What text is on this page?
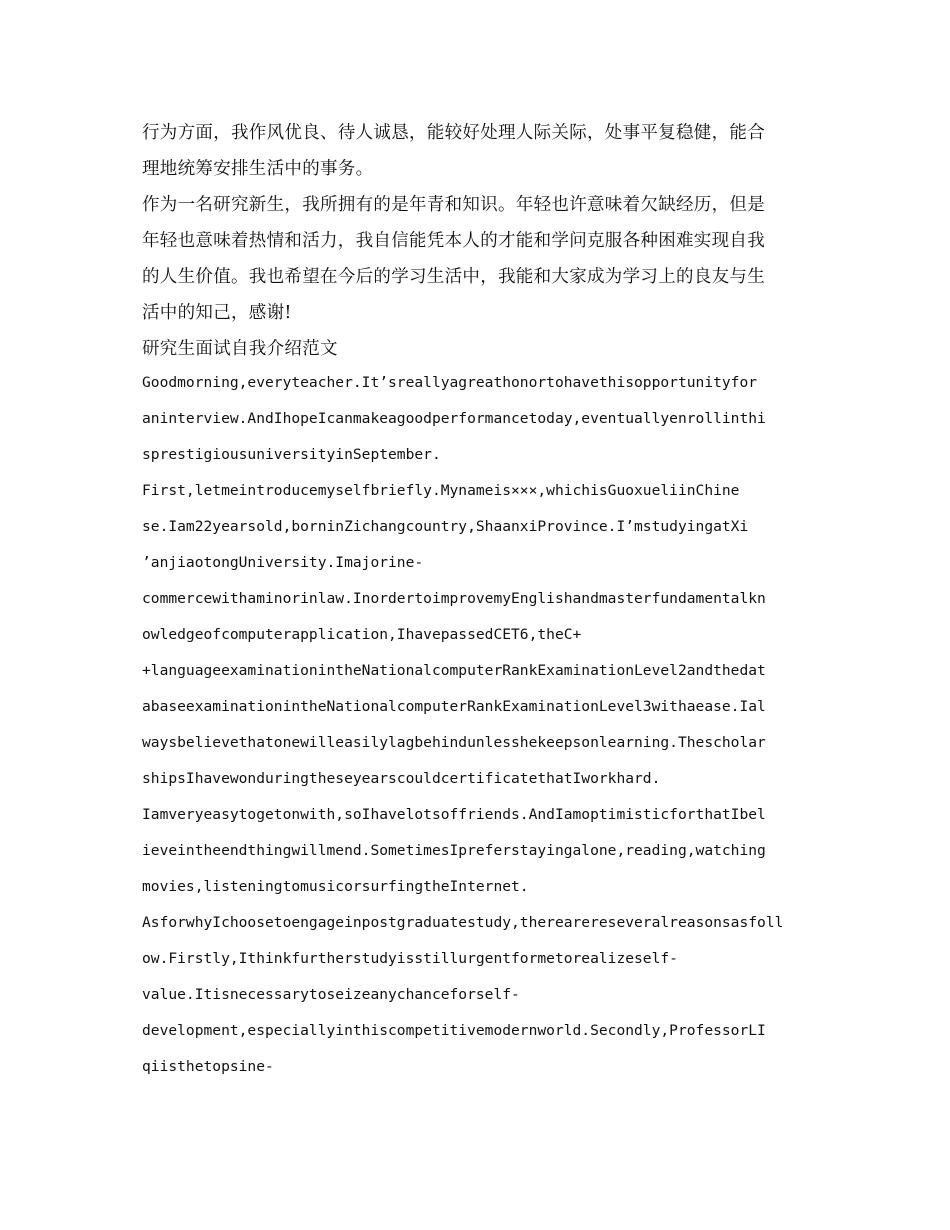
行为方面，我作风优良、待人诚恳，能较好处理人际关际，处事平复稳健，能合
理地统筹安排生活中的事务。
作为一名研究新生，我所拥有的是年青和知识。年轻也许意味着欠缺经历，但是
年轻也意味着热情和活力，我自信能凭本人的才能和学问克服各种困难实现自我
的人生价值。我也希望在今后的学习生活中，我能和大家成为学习上的良友与生
活中的知己，感谢!
研究生面试自我介绍范文
Goodmorning,everyteacher.It’sreallyagreathonortohavethisopportunityfor
aninterview.AndIhopeIcanmakeagoodperformancetoday,eventuallyenrollinthi
sprestigiousuniversityinSeptember.
First,letmeintroducemyselfbriefly.Mynameis×××,whichisGuoxueliinChine
se.Iam22yearsold,borninZichangcountry,ShaanxiProvince.I’mstudyingatXi
’anjiaotongUniversity.Imajorine-
commercewithaminorinlaw.InordertoimprovemyEnglishandmasterfundamentalkn
owledgeofcomputerapplication,IhavepassedCET6,theC+
+languageexaminationintheNationalcomputerRankExaminationLevel2andthedat
abaseexaminationintheNationalcomputerRankExaminationLevel3withaease.Ial
waysbelievethatonewilleasilylagbehindunlesshekeepsonlearning.Thescholar
shipsIhavewonduringtheseyearscouldcertificatethatIworkhard.
Iamveryeasytogetonwith,soIhavelotsoffriends.AndIamoptimisticforthatIbel
ieveintheendthingwillmend.SometimesIpreferstayingalone,reading,watching
movies,listeningtomusicorsurfingtheInternet.
AsforwhyIchoosetoengageinpostgraduatestudy,therearereseveralreasonsasfoll
ow.Firstly,Ithinkfurtherstudyisstillurgentformetorealizeself-
value.Itisnecessarytoseizeanychanceforself-
development,especiallyinthiscompetitivemodernworld.Secondly,ProfessorLI
qiisthetopsine-
